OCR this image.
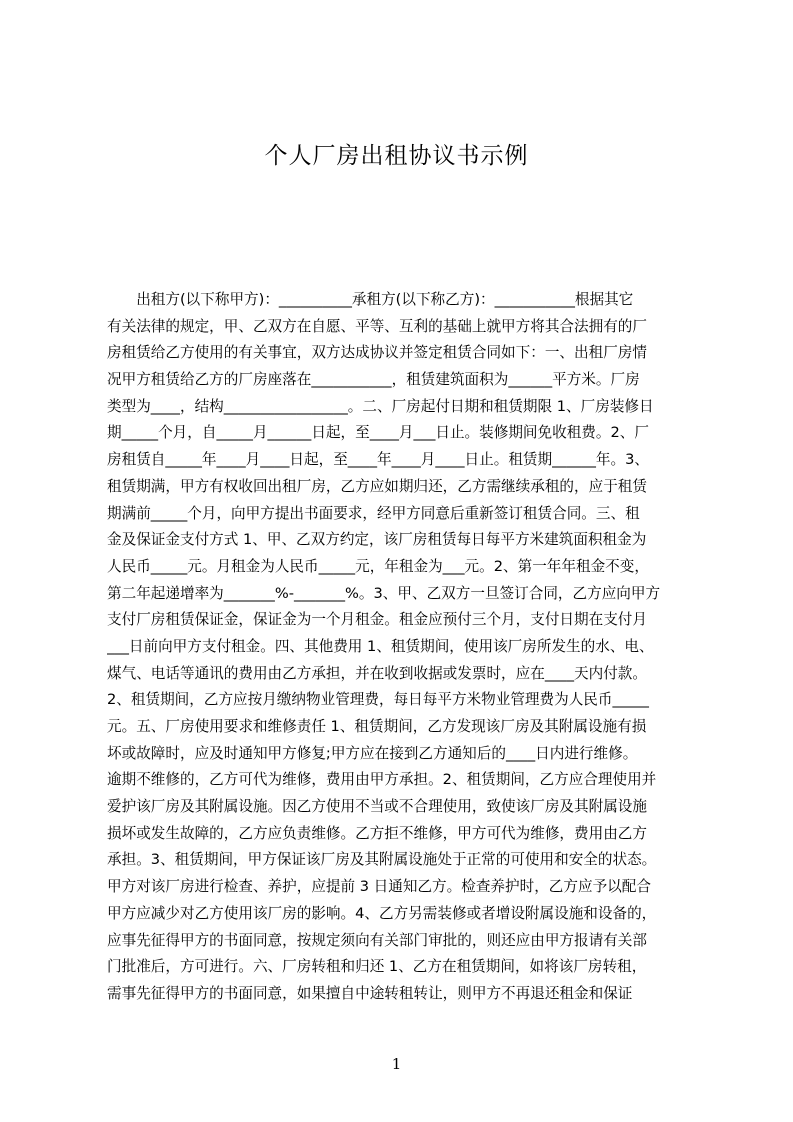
个人厂房出租协议书示例
　　出租方(以下称甲方)：__________承租方(以下称乙方)：___________根据其它
有关法律的规定，甲、乙双方在自愿、平等、互利的基础上就甲方将其合法拥有的厂
房租赁给乙方使用的有关事宜，双方达成协议并签定租赁合同如下：一、出租厂房情
况甲方租赁给乙方的厂房座落在___________，租赁建筑面积为______平方米。厂房
类型为____，结构_________________。二、厂房起付日期和租赁期限 1、厂房装修日
期_____个月，自_____月______日起，至____月___日止。装修期间免收租费。2、厂
房租赁自_____年____月____日起，至____年____月____日止。租赁期______年。3、
租赁期满，甲方有权收回出租厂房，乙方应如期归还，乙方需继续承租的，应于租赁
期满前_____个月，向甲方提出书面要求，经甲方同意后重新签订租赁合同。三、租
金及保证金支付方式 1、甲、乙双方约定，该厂房租赁每日每平方米建筑面积租金为
人民币_____元。月租金为人民币_____元，年租金为___元。2、第一年年租金不变，
第二年起递增率为_______%-_______%。3、甲、乙双方一旦签订合同，乙方应向甲方
支付厂房租赁保证金，保证金为一个月租金。租金应预付三个月，支付日期在支付月
___日前向甲方支付租金。四、其他费用 1、租赁期间，使用该厂房所发生的水、电、
煤气、电话等通讯的费用由乙方承担，并在收到收据或发票时，应在____天内付款。
2、租赁期间，乙方应按月缴纳物业管理费，每日每平方米物业管理费为人民币_____
元。五、厂房使用要求和维修责任 1、租赁期间，乙方发现该厂房及其附属设施有损
坏或故障时，应及时通知甲方修复;甲方应在接到乙方通知后的____日内进行维修。
逾期不维修的，乙方可代为维修，费用由甲方承担。2、租赁期间，乙方应合理使用并
爱护该厂房及其附属设施。因乙方使用不当或不合理使用，致使该厂房及其附属设施
损坏或发生故障的，乙方应负责维修。乙方拒不维修，甲方可代为维修，费用由乙方
承担。3、租赁期间，甲方保证该厂房及其附属设施处于正常的可使用和安全的状态。
甲方对该厂房进行检查、养护，应提前 3 日通知乙方。检查养护时，乙方应予以配合
甲方应减少对乙方使用该厂房的影响。4、乙方另需装修或者增设附属设施和设备的，
应事先征得甲方的书面同意，按规定须向有关部门审批的，则还应由甲方报请有关部
门批准后，方可进行。六、厂房转租和归还 1、乙方在租赁期间，如将该厂房转租，
需事先征得甲方的书面同意，如果擅自中途转租转让，则甲方不再退还租金和保证
1
